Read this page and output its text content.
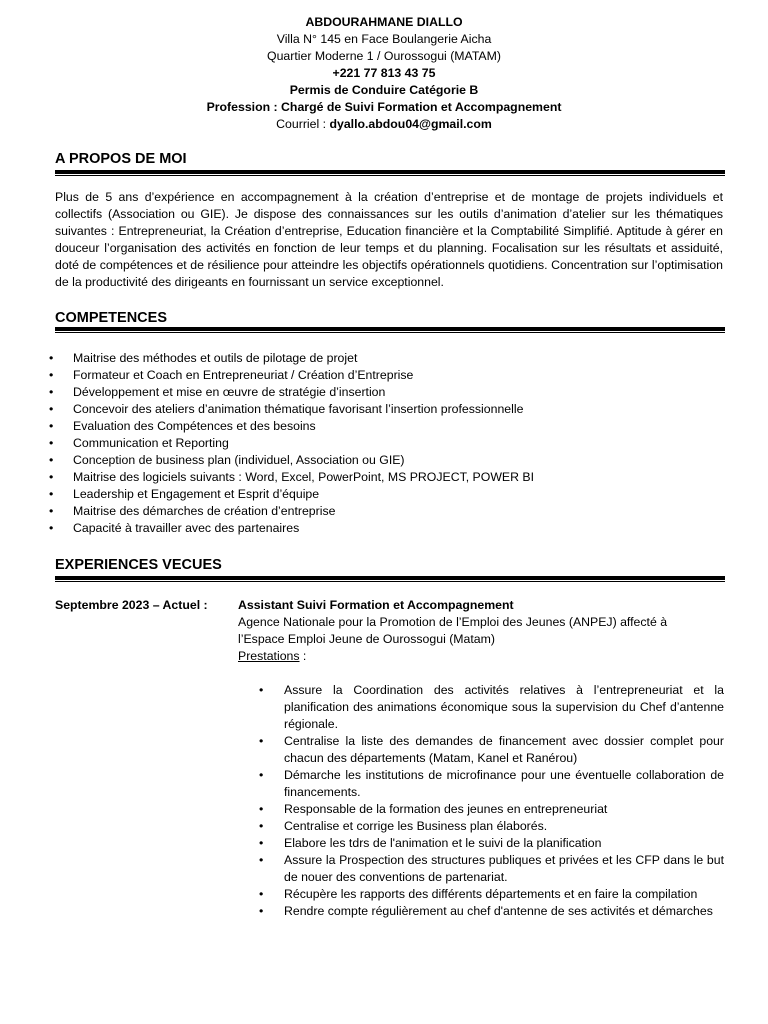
ABDOURAHMANE DIALLO
Villa N° 145 en Face Boulangerie Aicha
Quartier Moderne 1 / Ourossogui (MATAM)
+221 77 813 43 75
Permis de Conduire Catégorie B
Profession : Chargé de Suivi Formation et Accompagnement
Courriel : dyallo.abdou04@gmail.com
A PROPOS DE MOI
Plus de 5 ans d’expérience en accompagnement à la création d’entreprise et de montage de projets individuels et collectifs (Association ou GIE). Je dispose des connaissances sur les outils d’animation d’atelier sur les thématiques suivantes : Entrepreneuriat, la Création d’entreprise, Education financière et la Comptabilité Simplifié. Aptitude à gérer en douceur l’organisation des activités en fonction de leur temps et du planning. Focalisation sur les résultats et assiduité, doté de compétences et de résilience pour atteindre les objectifs opérationnels quotidiens. Concentration sur l’optimisation de la productivité des dirigeants en fournissant un service exceptionnel.
COMPETENCES
• Maitrise des méthodes et outils de pilotage de projet
• Formateur et Coach en Entrepreneuriat / Création d’Entreprise
• Développement et mise en œuvre de stratégie d’insertion
• Concevoir des ateliers d’animation thématique favorisant l’insertion professionnelle
• Evaluation des Compétences et des besoins
• Communication et Reporting
• Conception de business plan (individuel, Association ou GIE)
• Maitrise des logiciels suivants : Word, Excel, PowerPoint, MS PROJECT, POWER BI
• Leadership et Engagement et Esprit d’équipe
• Maitrise des démarches de création d’entreprise
• Capacité à travailler avec des partenaires
EXPERIENCES VECUES
Septembre 2023 – Actuel : Assistant Suivi Formation et Accompagnement
Agence Nationale pour la Promotion de l’Emploi des Jeunes (ANPEJ) affecté à
l’Espace Emploi Jeune de Ourossogui (Matam)
Prestations :
• Assure la Coordination des activités relatives à l’entrepreneuriat et la planification des animations économique sous la supervision du Chef d’antenne régionale.
• Centralise la liste des demandes de financement avec dossier complet pour chacun des départements (Matam, Kanel et Ranérou)
• Démarche les institutions de microfinance pour une éventuelle collaboration de financements.
• Responsable de la formation des jeunes en entrepreneuriat
• Centralise et corrige les Business plan élaborés.
• Elabore les tdrs de l'animation et le suivi de la planification
• Assure la Prospection des structures publiques et privées et les CFP dans le but de nouer des conventions de partenariat.
• Récupère les rapports des différents départements et en faire la compilation
• Rendre compte régulièrement au chef d'antenne de ses activités et démarches
